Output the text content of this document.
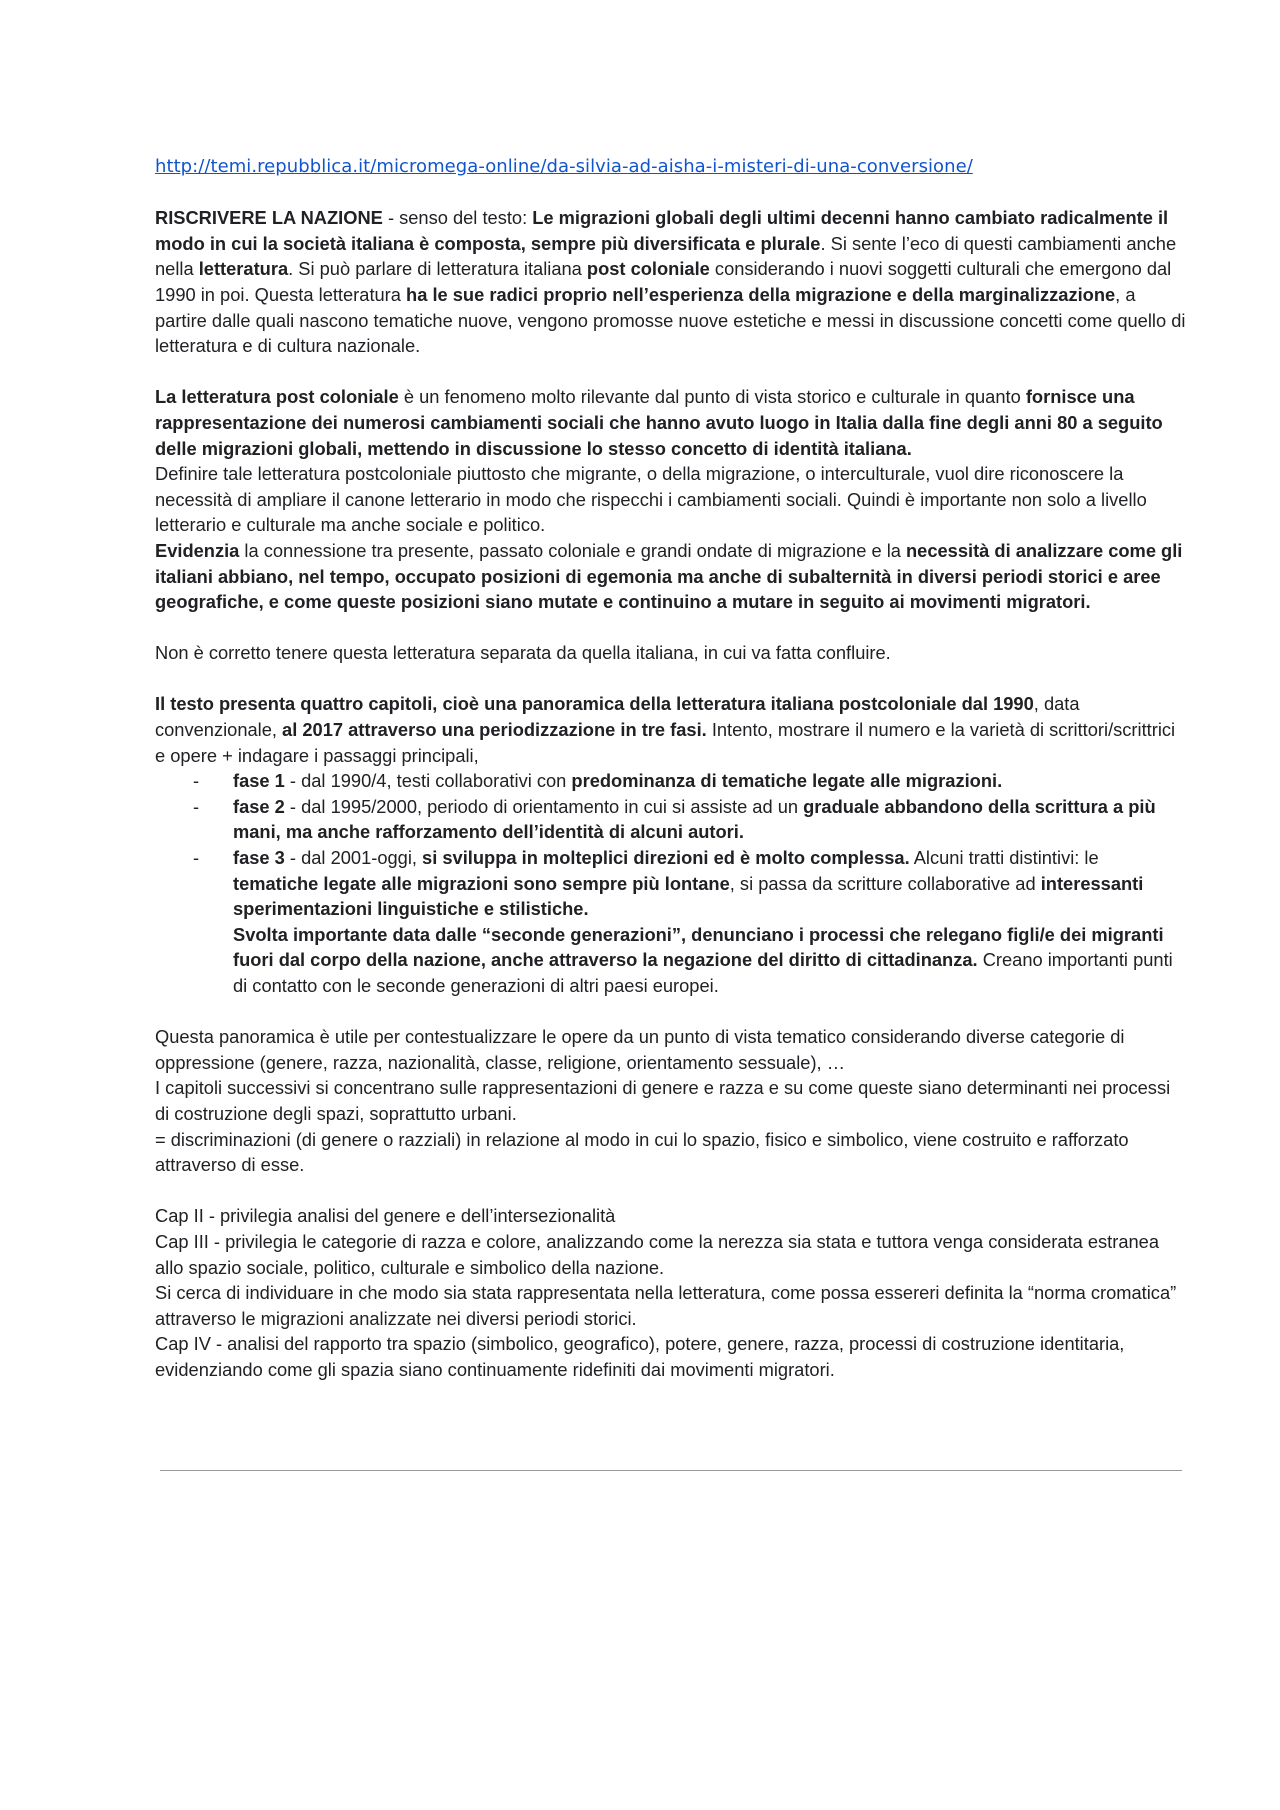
http://temi.repubblica.it/micromega-online/da-silvia-ad-aisha-i-misteri-di-una-conversione/

RISCRIVERE LA NAZIONE - senso del testo: Le migrazioni globali degli ultimi decenni hanno cambiato radicalmente il modo in cui la società italiana è composta, sempre più diversificata e plurale. Si sente l’eco di questi cambiamenti anche nella letteratura. Si può parlare di letteratura italiana post coloniale considerando i nuovi soggetti culturali che emergono dal 1990 in poi. Questa letteratura ha le sue radici proprio nell’esperienza della migrazione e della marginalizzazione, a partire dalle quali nascono tematiche nuove, vengono promosse nuove estetiche e messi in discussione concetti come quello di letteratura e di cultura nazionale.

La letteratura post coloniale è un fenomeno molto rilevante dal punto di vista storico e culturale in quanto fornisce una rappresentazione dei numerosi cambiamenti sociali che hanno avuto luogo in Italia dalla fine degli anni 80 a seguito delle migrazioni globali, mettendo in discussione lo stesso concetto di identità italiana.

Definire tale letteratura postcoloniale piuttosto che migrante, o della migrazione, o interculturale, vuol dire riconoscere la necessità di ampliare il canone letterario in modo che rispecchi i cambiamenti sociali. Quindi è importante non solo a livello letterario e culturale ma anche sociale e politico.

Evidenzia la connessione tra presente, passato coloniale e grandi ondate di migrazione e la necessità di analizzare come gli italiani abbiano, nel tempo, occupato posizioni di egemonia ma anche di subalternità in diversi periodi storici e aree geografiche, e come queste posizioni siano mutate e continuino a mutare in seguito ai movimenti migratori.

Non è corretto tenere questa letteratura separata da quella italiana, in cui va fatta confluire.

Il testo presenta quattro capitoli, cioè una panoramica della letteratura italiana postcoloniale dal 1990, data convenzionale, al 2017 attraverso una periodizzazione in tre fasi. Intento, mostrare il numero e la varietà di scrittori/scrittrici e opere + indagare i passaggi principali,

- fase 1 - dal 1990/4, testi collaborativi con predominanza di tematiche legate alle migrazioni.
- fase 2 - dal 1995/2000, periodo di orientamento in cui si assiste ad un graduale abbandono della scrittura a più mani, ma anche rafforzamento dell’identità di alcuni autori.
- fase 3 - dal 2001-oggi, si sviluppa in molteplici direzioni ed è molto complessa. Alcuni tratti distintivi: le tematiche legate alle migrazioni sono sempre più lontane, si passa da scritture collaborative ad interessanti sperimentazioni linguistiche e stilistiche.
Svolta importante data dalle “seconde generazioni”, denunciano i processi che relegano figli/e dei migranti fuori dal corpo della nazione, anche attraverso la negazione del diritto di cittadinanza. Creano importanti punti di contatto con le seconde generazioni di altri paesi europei.

Questa panoramica è utile per contestualizzare le opere da un punto di vista tematico considerando diverse categorie di oppressione (genere, razza, nazionalità, classe, religione, orientamento sessuale), …

I capitoli successivi si concentrano sulle rappresentazioni di genere e razza e su come queste siano determinanti nei processi di costruzione degli spazi, soprattutto urbani.

= discriminazioni (di genere o razziali) in relazione al modo in cui lo spazio, fisico e simbolico, viene costruito e rafforzato attraverso di esse.

Cap II - privilegia analisi del genere e dell’intersezionalità

Cap III - privilegia le categorie di razza e colore, analizzando come la nerezza sia stata e tuttora venga considerata estranea allo spazio sociale, politico, culturale e simbolico della nazione.

Si cerca di individuare in che modo sia stata rappresentata nella letteratura, come possa essereri definita la “norma cromatica” attraverso le migrazioni analizzate nei diversi periodi storici.

Cap IV - analisi del rapporto tra spazio (simbolico, geografico), potere, genere, razza, processi di costruzione identitaria, evidenziando come gli spazia siano continuamente ridefiniti dai movimenti migratori.
